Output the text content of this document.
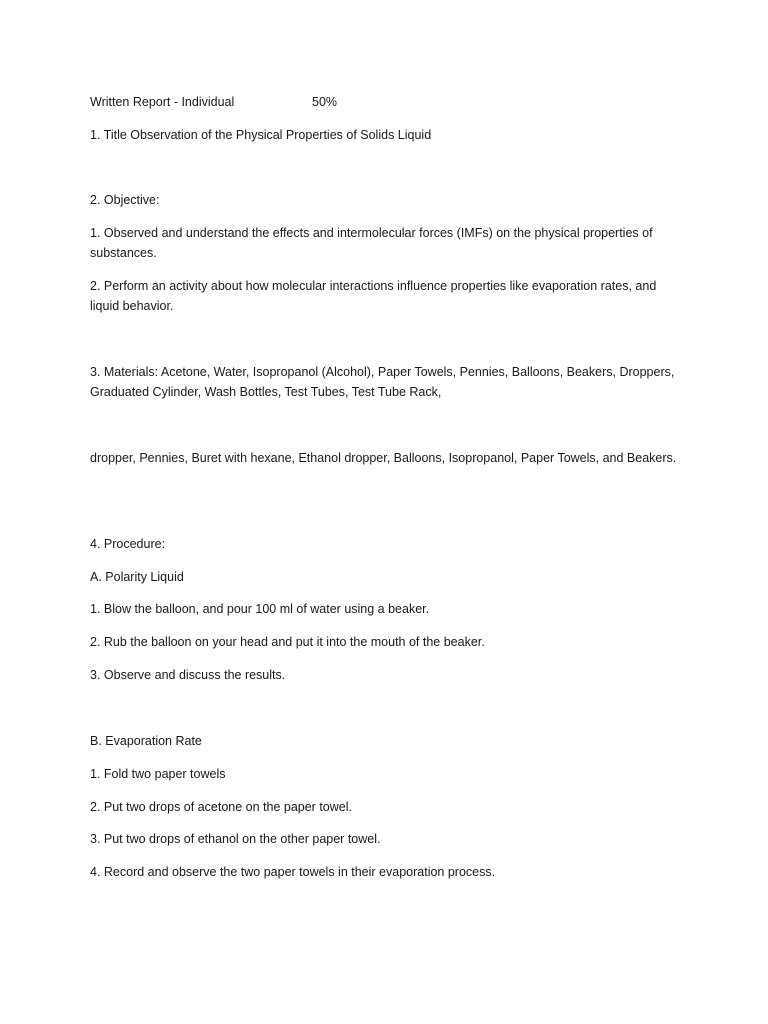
Written Report - Individual	50%
1. Title Observation of the Physical Properties of Solids Liquid
2. Objective:
1. Observed and understand the effects and intermolecular forces (IMFs) on the physical properties of substances.
2. Perform an activity about how molecular interactions influence properties like evaporation rates, and liquid behavior.
3. Materials: Acetone, Water, Isopropanol (Alcohol), Paper Towels, Pennies, Balloons, Beakers, Droppers, Graduated Cylinder, Wash Bottles, Test Tubes, Test Tube Rack,
dropper, Pennies, Buret with hexane, Ethanol dropper, Balloons, Isopropanol, Paper Towels, and Beakers.
4. Procedure:
A. Polarity Liquid
1. Blow the balloon, and pour 100 ml of water using a beaker.
2. Rub the balloon on your head and put it into the mouth of the beaker.
3. Observe and discuss the results.
B. Evaporation Rate
1. Fold two paper towels
2. Put two drops of acetone on the paper towel.
3. Put two drops of ethanol on the other paper towel.
4. Record and observe the two paper towels in their evaporation process.
